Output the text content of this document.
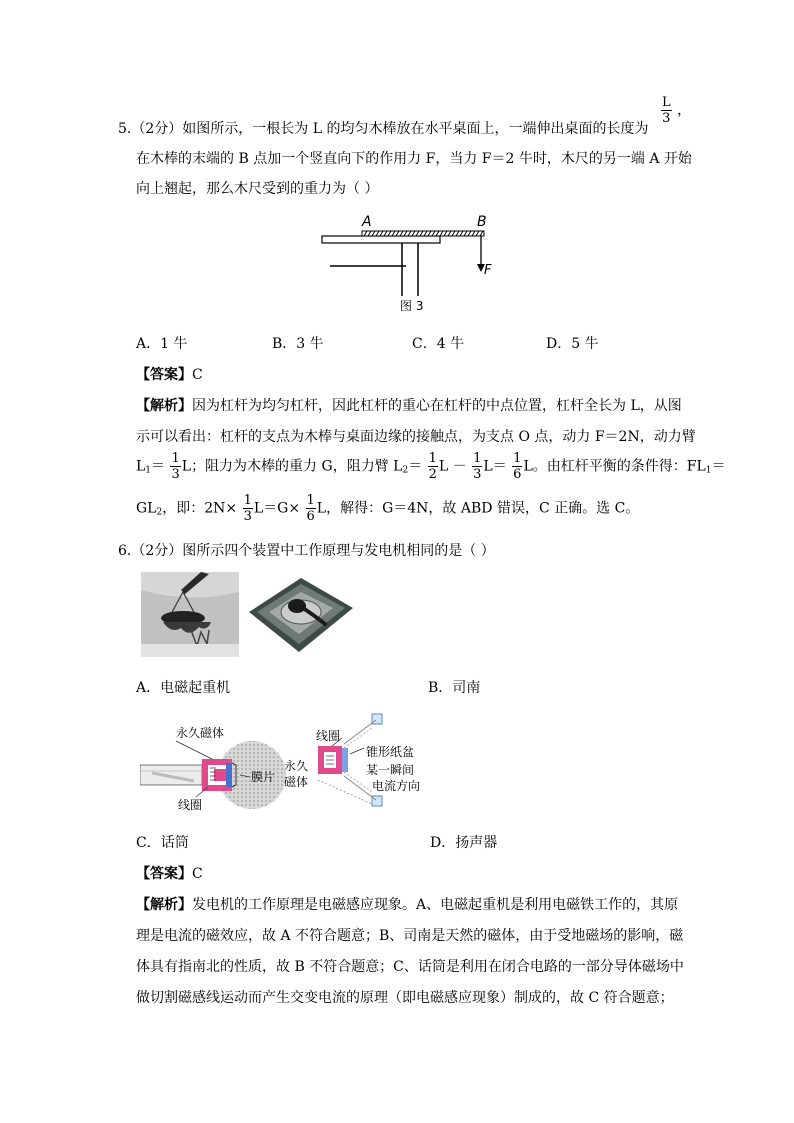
5.（2分）如图所示，一根长为 L 的均匀木棒放在水平桌面上，一端伸出桌面的长度为
$\frac{L}{3}$ ，
在木棒的末端的 B 点加一个竖直向下的作用力 F，当力 F＝2 牛时，木尺的另一端 A 开始
向上翘起，那么木尺受到的重力为（ ）
A	B
F
图 3
A．1 牛	B．3 牛	C．4 牛	D．5 牛
【答案】C
【解析】因为杠杆为均匀杠杆，因此杠杆的重心在杠杆的中点位置，杠杆全长为 L，从图
示可以看出：杠杆的支点为木棒与桌面边缘的接触点，为支点 O 点，动力 F＝2N，动力臂
$L_1= \frac{1}{3}$ L；阻力为木棒的重力 G，阻力臂 $L_2= \frac{1}{2}$ $L - \frac{1}{3} L= \frac{1}{6}$ L。由杠杆平衡的条件得：$FL_1=$
$GL_2$，即：$2N\times \frac{1}{3} L=G\times \frac{1}{6}$ L，解得：G＝4N，故 ABD 错误，C 正确。选 C。
6.（2分）图所示四个装置中工作原理与发电机相同的是（ ）
A．电磁起重机	B．司南
永久磁体
膜片
线圈
线圈
锥形纸盆
永久
磁体
某一瞬间
电流方向
C．话筒	D．扬声器
【答案】C
【解析】发电机的工作原理是电磁感应现象。A、电磁起重机是利用电磁铁工作的，其原
理是电流的磁效应，故 A 不符合题意；B、司南是天然的磁体，由于受地磁场的影响，磁
体具有指南北的性质，故 B 不符合题意；C、话筒是利用在闭合电路的一部分导体磁场中
做切割磁感线运动而产生交变电流的原理（即电磁感应现象）制成的，故 C 符合题意；
